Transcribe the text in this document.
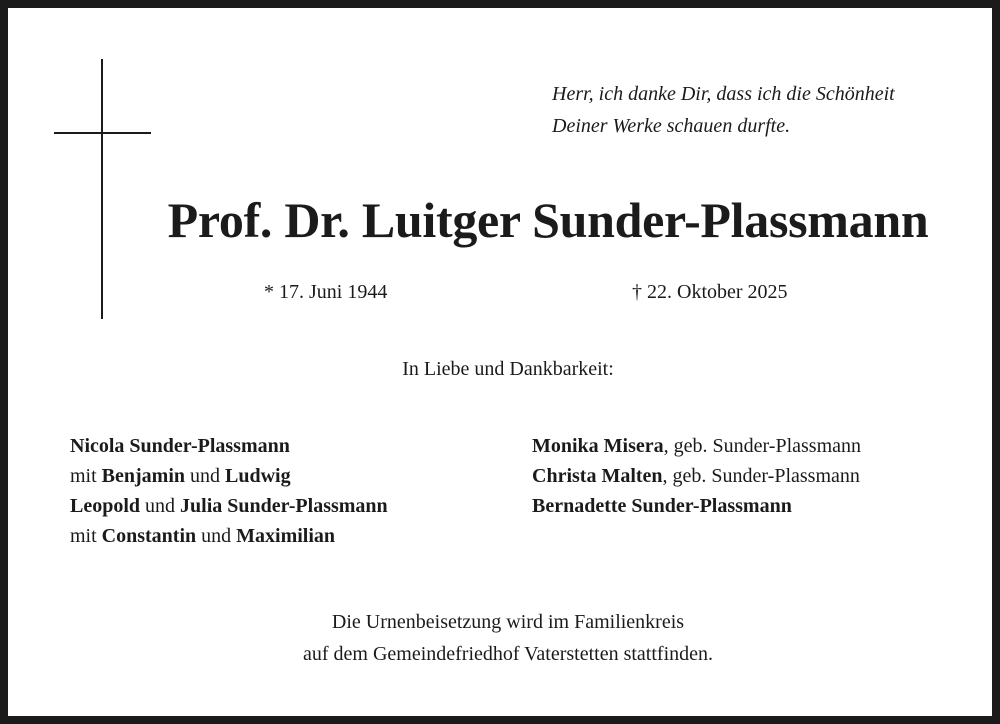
Herr, ich danke Dir, dass ich die Schönheit
Deiner Werke schauen durfte.
Prof. Dr. Luitger Sunder-Plassmann
* 17. Juni 1944	† 22. Oktober 2025
In Liebe und Dankbarkeit:

Nicola Sunder-Plassmann

mit Benjamin und Ludwig

Leopold und Julia Sunder-Plassmann

mit Constantin und Maximilian

Monika Misera, geb. Sunder-Plassmann

Christa Malten, geb. Sunder-Plassmann

Bernadette Sunder-Plassmann

Die Urnenbeisetzung wird im Familienkreis
auf dem Gemeindefriedhof Vaterstetten stattfinden.
